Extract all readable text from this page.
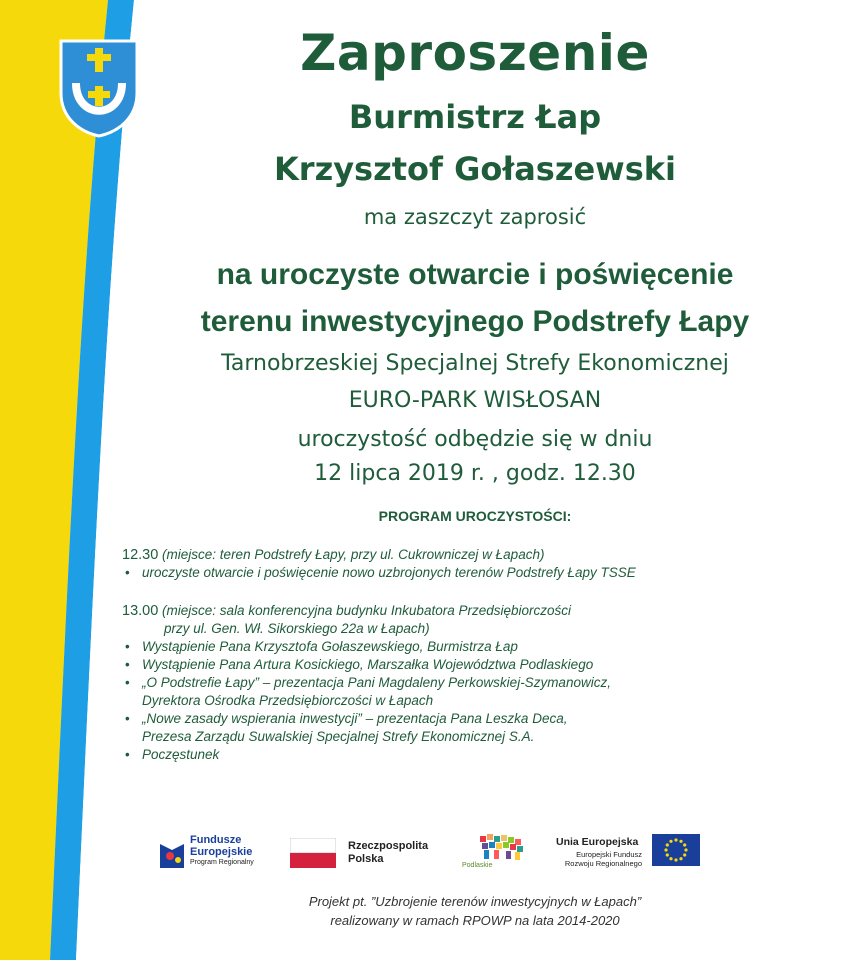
Zaproszenie
Burmistrz Łap
Krzysztof Gołaszewski
ma zaszczyt zaprosić
na uroczyste otwarcie i poświęcenie
terenu inwestycyjnego Podstrefy Łapy
Tarnobrzeskiej Specjalnej Strefy Ekonomicznej
EURO-PARK WISŁOSAN
uroczystość odbędzie się w dniu
12 lipca 2019 r. , godz. 12.30
PROGRAM UROCZYSTOŚCI:
12.30 (miejsce: teren Podstrefy Łapy, przy ul. Cukrowniczej w Łapach)
• uroczyste otwarcie i poświęcenie nowo uzbrojonych terenów Podstrefy Łapy TSSE
13.00 (miejsce: sala konferencyjna budynku Inkubatora Przedsiębiorczości
przy ul. Gen. Wł. Sikorskiego 22a w Łapach)
• Wystąpienie Pana Krzysztofa Gołaszewskiego, Burmistrza Łap
• Wystąpienie Pana Artura Kosickiego, Marszałka Województwa Podlaskiego
• „O Podstrefie Łapy” – prezentacja Pani Magdaleny Perkowskiej-Szymanowicz,
Dyrektora Ośrodka Przedsiębiorczości w Łapach
• „Nowe zasady wspierania inwestycji” – prezentacja Pana Leszka Deca,
Prezesa Zarządu Suwalskiej Specjalnej Strefy Ekonomicznej S.A.
• Poczęstunek
Fundusze
Europejskie
Program Regionalny
Rzeczpospolita
Polska
Podlaskie
Unia Europejska
Europejski Fundusz
Rozwoju Regionalnego
Projekt pt. ”Uzbrojenie terenów inwestycyjnych w Łapach”
realizowany w ramach RPOWP na lata 2014-2020
